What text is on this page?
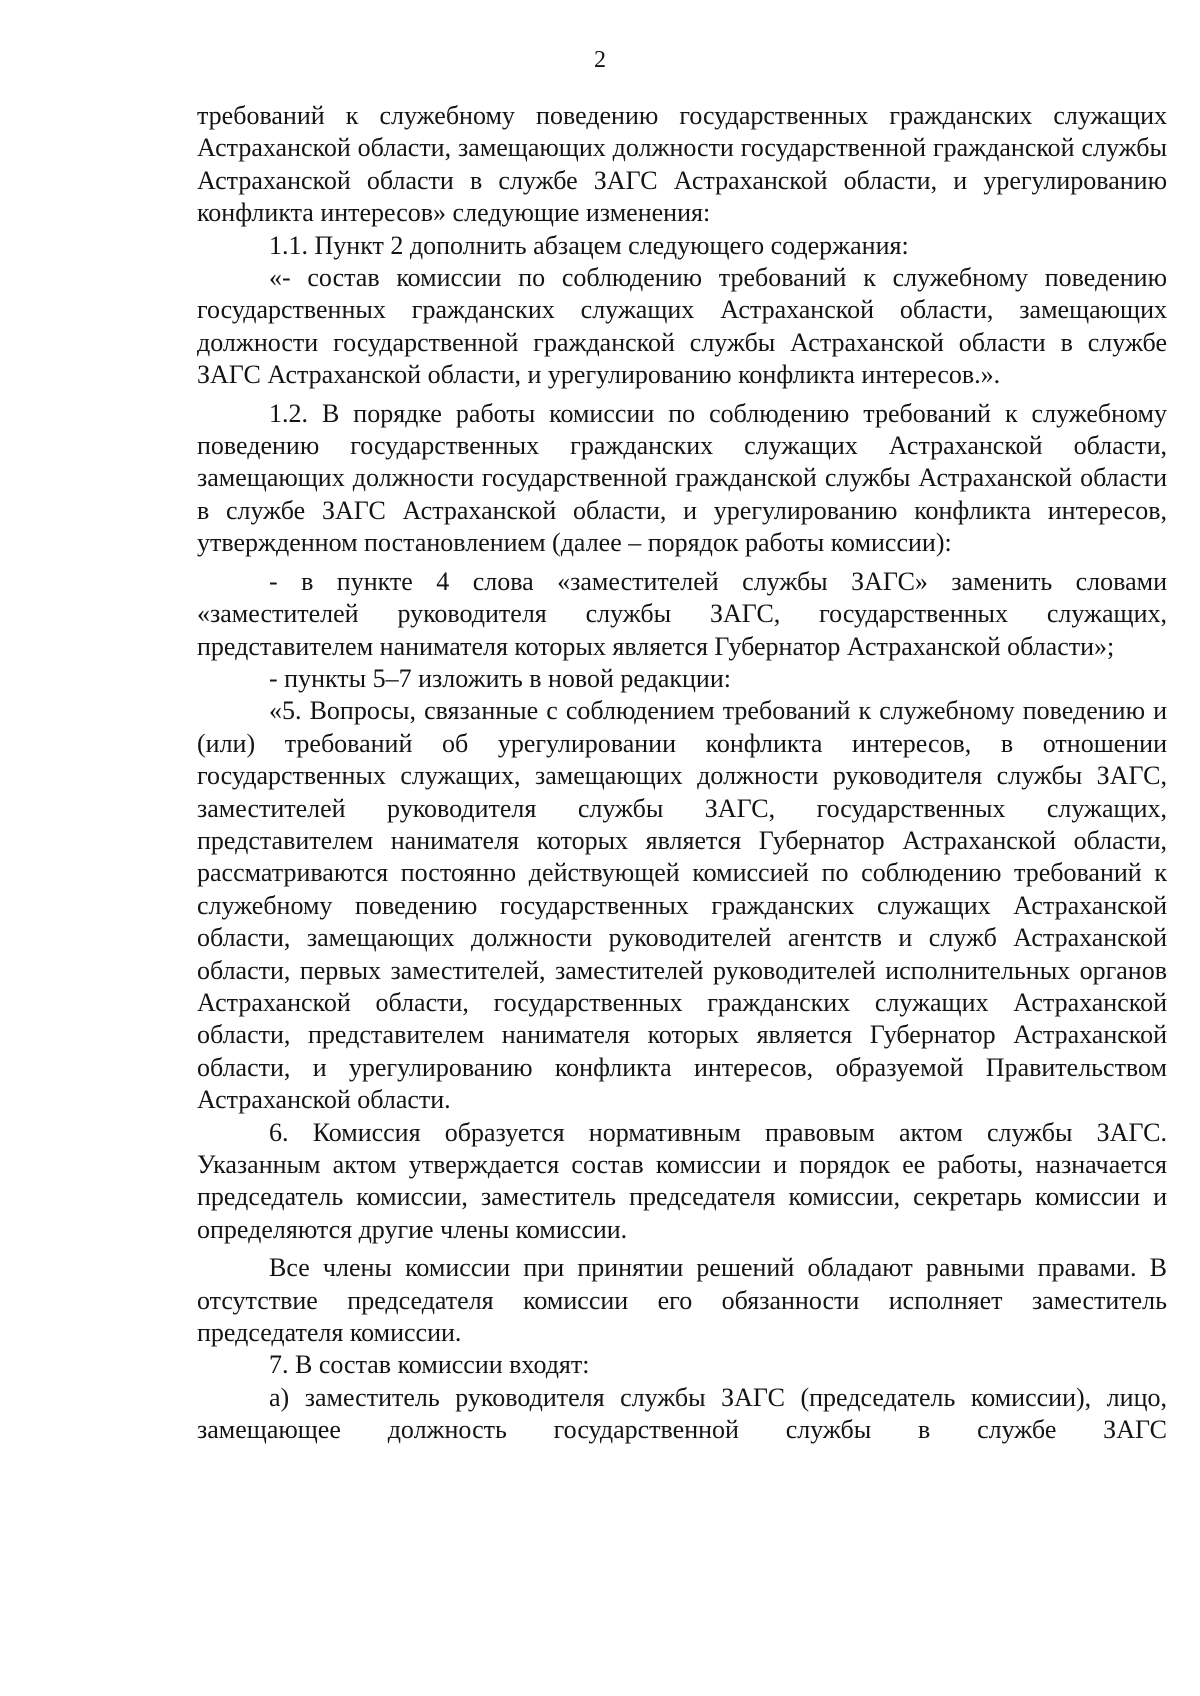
2

требований к служебному поведению государственных гражданских служащих Астраханской области, замещающих должности государственной гражданской службы Астраханской области в службе ЗАГС Астраханской области, и урегулированию конфликта интересов» следующие изменения:

1.1. Пункт 2 дополнить абзацем следующего содержания:

«- состав комиссии по соблюдению требований к служебному поведению государственных гражданских служащих Астраханской области, замещающих должности государственной гражданской службы Астраханской области в службе ЗАГС Астраханской области, и урегулированию конфликта интересов.».

1.2. В порядке работы комиссии по соблюдению требований к служебному поведению государственных гражданских служащих Астраханской области, замещающих должности государственной гражданской службы Астраханской области в службе ЗАГС Астраханской области, и урегулированию конфликта интересов, утвержденном постановлением (далее – порядок работы комиссии):

- в пункте 4 слова «заместителей службы ЗАГС» заменить словами «заместителей руководителя службы ЗАГС, государственных служащих, представителем нанимателя которых является Губернатор Астраханской области»;

- пункты 5–7 изложить в новой редакции:

«5. Вопросы, связанные с соблюдением требований к служебному поведению и (или) требований об урегулировании конфликта интересов, в отношении государственных служащих, замещающих должности руководителя службы ЗАГС, заместителей руководителя службы ЗАГС, государственных служащих, представителем нанимателя которых является Губернатор Астраханской области, рассматриваются постоянно действующей комиссией по соблюдению требований к служебному поведению государственных гражданских служащих Астраханской области, замещающих должности руководителей агентств и служб Астраханской области, первых заместителей, заместителей руководителей исполнительных органов Астраханской области, государственных гражданских служащих Астраханской области, представителем нанимателя которых является Губернатор Астраханской области, и урегулированию конфликта интересов, образуемой Правительством Астраханской области.

6. Комиссия образуется нормативным правовым актом службы ЗАГС. Указанным актом утверждается состав комиссии и порядок ее работы, назначается председатель комиссии, заместитель председателя комиссии, секретарь комиссии и определяются другие члены комиссии.

Все члены комиссии при принятии решений обладают равными правами. В отсутствие председателя комиссии его обязанности исполняет заместитель председателя комиссии.

7. В состав комиссии входят:

а) заместитель руководителя службы ЗАГС (председатель комиссии), лицо, замещающее должность государственной службы в службе ЗАГС
